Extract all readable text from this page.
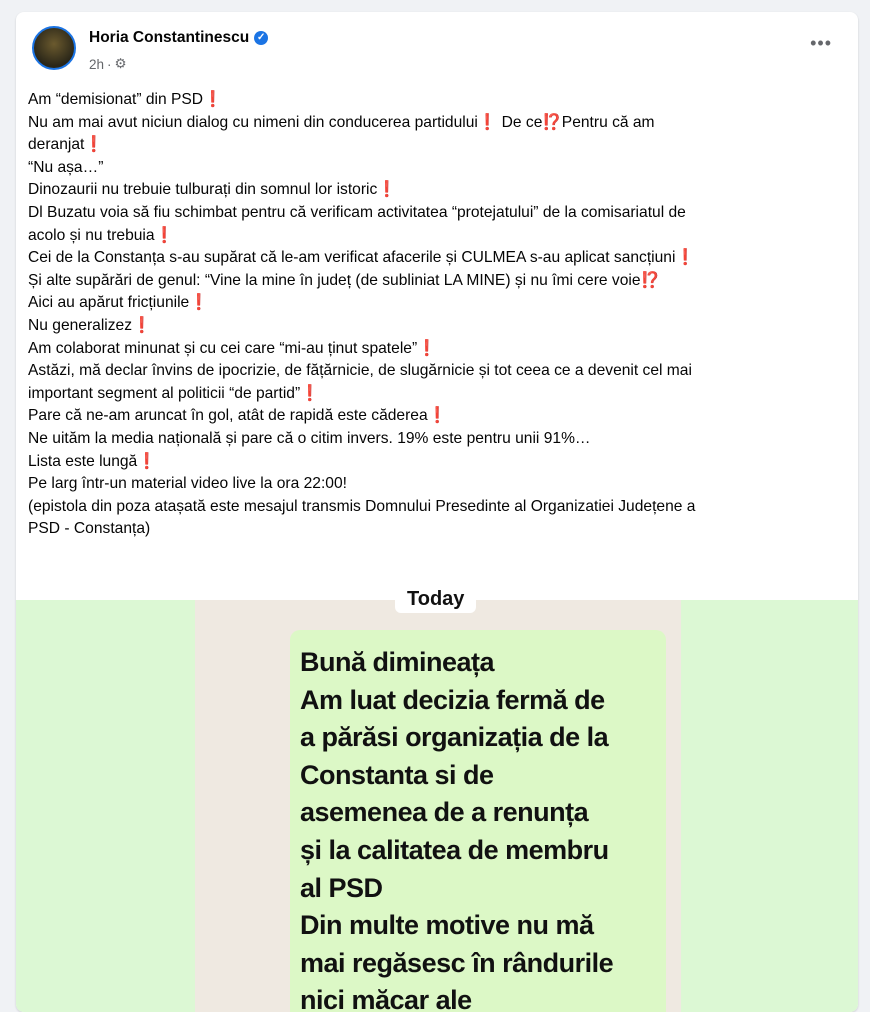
Horia Constantinescu ✓
2h · ⚙
•••
Am “demisionat” din PSD❗
Nu am mai avut niciun dialog cu nimeni din conducerea partidului❗ De ce⁉️Pentru că am
deranjat❗
“Nu așa…”
Dinozaurii nu trebuie tulburați din somnul lor istoric❗
Dl Buzatu voia să fiu schimbat pentru că verificam activitatea “protejatului” de la comisariatul de
acolo și nu trebuia❗
Cei de la Constanța s-au supărat că le-am verificat afacerile și CULMEA s-au aplicat sancțiuni❗
Și alte supărări de genul: “Vine la mine în județ (de subliniat LA MINE) și nu îmi cere voie⁉️
Aici au apărut fricțiunile❗
Nu generalizez❗
Am colaborat minunat și cu cei care “mi-au ținut spatele”❗
Astăzi, mă declar învins de ipocrizie, de fățărnicie, de slugărnicie și tot ceea ce a devenit cel mai
important segment al politicii “de partid”❗
Pare că ne-am aruncat în gol, atât de rapidă este căderea❗
Ne uităm la media națională și pare că o citim invers. 19% este pentru unii 91%…
Lista este lungă❗
Pe larg într-un material video live la ora 22:00!
(epistola din poza atașată este mesajul transmis Domnului Presedinte al Organizatiei Județene a
PSD - Constanța)
Today
Bună dimineața
Am luat decizia fermă de
a părăsi organizația de la
Constanta si de
asemenea de a renunța
și la calitatea de membru
al PSD
Din multe motive nu mă
mai regăsesc în rândurile
nici măcar ale
